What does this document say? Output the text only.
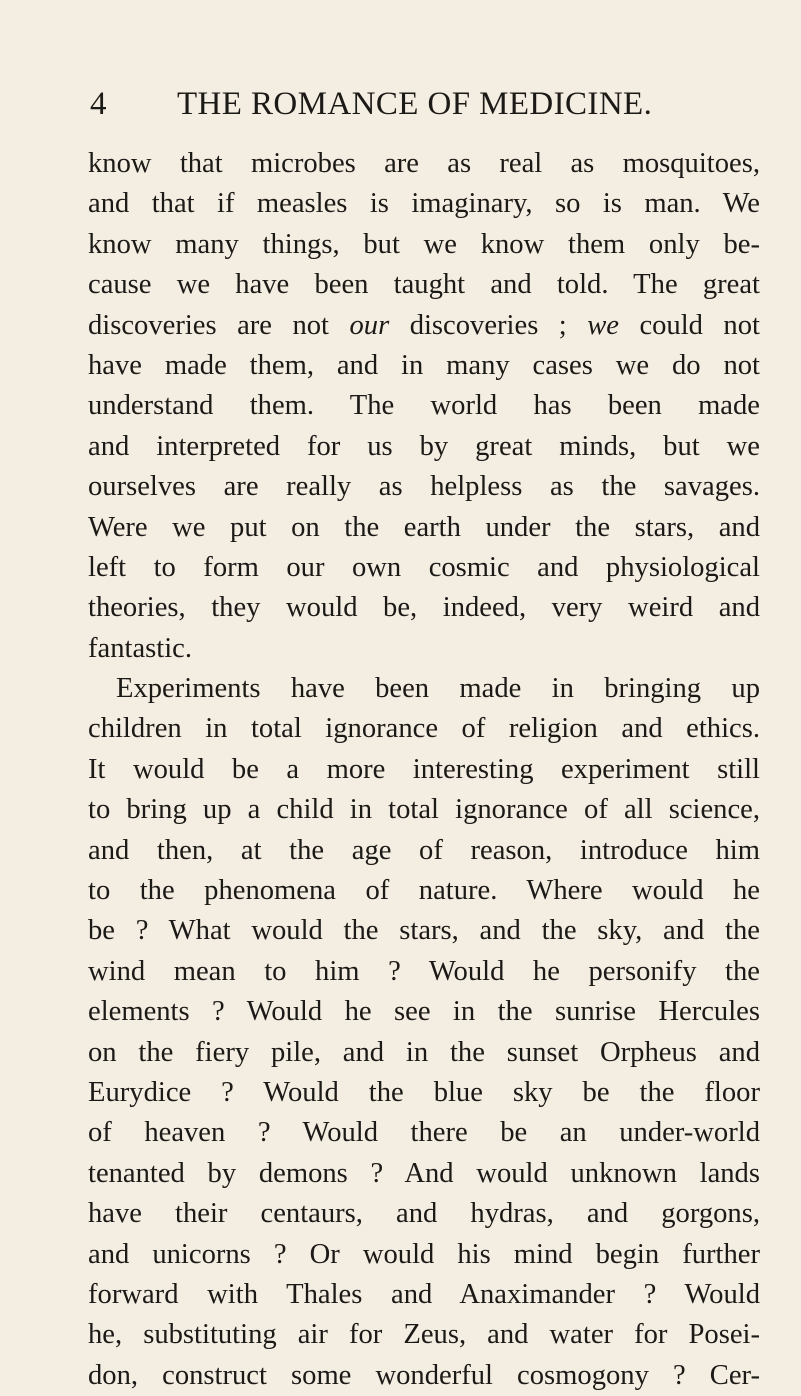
4 THE ROMANCE OF MEDICINE.
know that microbes are as real as mosquitoes,
and that if measles is imaginary, so is man. We
know many things, but we know them only be-
cause we have been taught and told. The great
discoveries are not our discoveries ; we could not
have made them, and in many cases we do not
understand them. The world has been made
and interpreted for us by great minds, but we
ourselves are really as helpless as the savages.
Were we put on the earth under the stars, and
left to form our own cosmic and physiological
theories, they would be, indeed, very weird and
fantastic.
Experiments have been made in bringing up
children in total ignorance of religion and ethics.
It would be a more interesting experiment still
to bring up a child in total ignorance of all science,
and then, at the age of reason, introduce him
to the phenomena of nature. Where would he
be ? What would the stars, and the sky, and the
wind mean to him ? Would he personify the
elements ? Would he see in the sunrise Hercules
on the fiery pile, and in the sunset Orpheus and
Eurydice ? Would the blue sky be the floor
of heaven ? Would there be an under-world
tenanted by demons ? And would unknown lands
have their centaurs, and hydras, and gorgons,
and unicorns ? Or would his mind begin further
forward with Thales and Anaximander ? Would
he, substituting air for Zeus, and water for Posei-
don, construct some wonderful cosmogony ? Cer-
